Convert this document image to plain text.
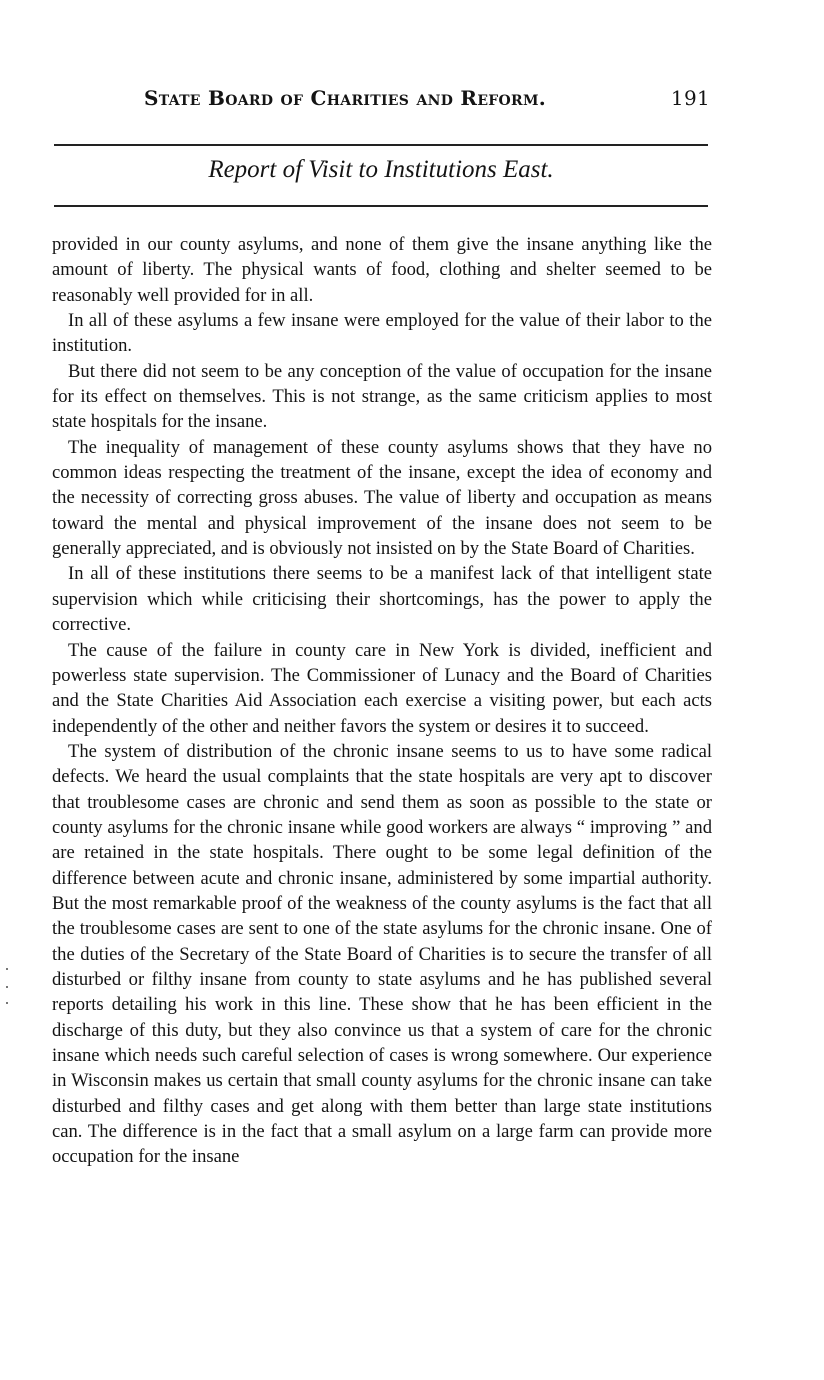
State Board of Charities and Reform.	191
Report of Visit to Institutions East.

provided in our county asylums, and none of them give the insane anything like the amount of liberty. The physical wants of food, clothing and shelter seemed to be reasonably well provided for in all.

In all of these asylums a few insane were employed for the value of their labor to the institution.

But there did not seem to be any conception of the value of occupation for the insane for its effect on themselves. This is not strange, as the same criticism applies to most state hospitals for the insane.

The inequality of management of these county asylums shows that they have no common ideas respecting the treatment of the insane, except the idea of economy and the necessity of correcting gross abuses. The value of liberty and occupation as means toward the mental and physical improvement of the insane does not seem to be generally appreciated, and is obviously not insisted on by the State Board of Charities.

In all of these institutions there seems to be a manifest lack of that intelligent state supervision which while criticising their shortcomings, has the power to apply the corrective.

The cause of the failure in county care in New York is divided, inefficient and powerless state supervision. The Commissioner of Lunacy and the Board of Charities and the State Charities Aid Association each exercise a visiting power, but each acts independently of the other and neither favors the system or desires it to succeed.

The system of distribution of the chronic insane seems to us to have some radical defects. We heard the usual complaints that the state hospitals are very apt to discover that troublesome cases are chronic and send them as soon as possible to the state or county asylums for the chronic insane while good workers are always “ improving ” and are retained in the state hospitals. There ought to be some legal definition of the difference between acute and chronic insane, administered by some impartial authority. But the most remarkable proof of the weakness of the county asylums is the fact that all the troublesome cases are sent to one of the state asylums for the chronic insane. One of the duties of the Secretary of the State Board of Charities is to secure the transfer of all disturbed or filthy insane from county to state asylums and he has published several reports detailing his work in this line. These show that he has been efficient in the discharge of this duty, but they also convince us that a system of care for the chronic insane which needs such careful selection of cases is wrong somewhere. Our experience in Wisconsin makes us certain that small county asylums for the chronic insane can take disturbed and filthy cases and get along with them better than large state institutions can. The difference is in the fact that a small asylum on a large farm can provide more occupation for the insane
